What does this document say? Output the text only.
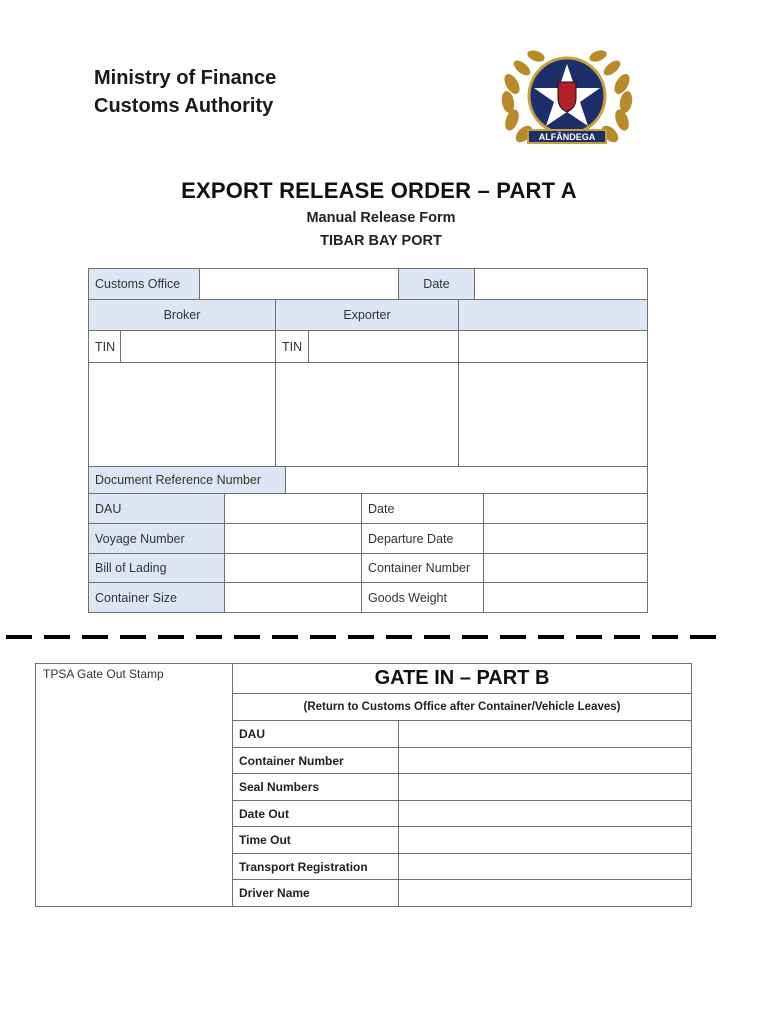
Ministry of Finance
Customs Authority
ALFÂNDEGA
EXPORT RELEASE ORDER – PART A
Manual Release Form
TIBAR BAY PORT
Customs Office	Date
Broker	Exporter
TIN	TIN
Document Reference Number
DAU	Date
Voyage Number	Departure Date
Bill of Lading	Container Number
Container Size	Goods Weight
TPSA Gate Out Stamp	GATE IN – PART B
(Return to Customs Office after Container/Vehicle Leaves)
DAU
Container Number
Seal Numbers
Date Out
Time Out
Transport Registration
Driver Name
